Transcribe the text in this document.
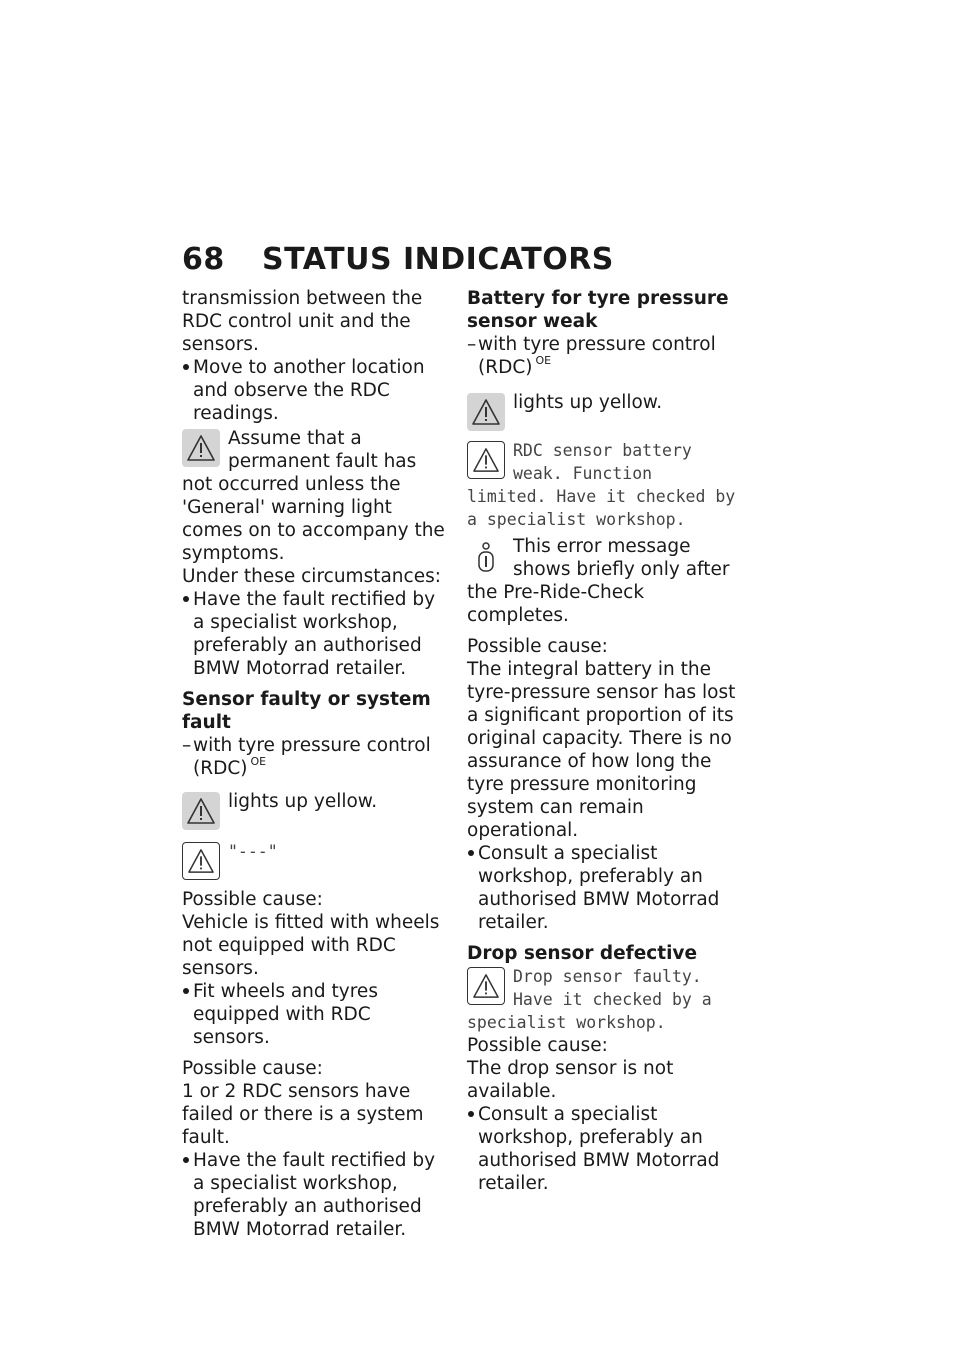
68 STATUS INDICATORS

transmission between the RDC control unit and the sensors.

Move to another location and observe the RDC readings.

Assume that a permanent fault has not occurred unless the 'General' warning light comes on to accompany the symptoms.

Under these circumstances:

Have the fault rectified by a specialist workshop, preferably an authorised BMW Motorrad retailer.

Sensor faulty or system fault

– with tyre pressure control (RDC) $^{OE}$

lights up yellow.
"---"

Possible cause:

Vehicle is fitted with wheels not equipped with RDC sensors.

Fit wheels and tyres equipped with RDC sensors.

Possible cause:

1 or 2 RDC sensors have failed or there is a system fault.

Have the fault rectified by a specialist workshop, preferably an authorised BMW Motorrad retailer.

Battery for tyre pressure sensor weak

– with tyre pressure control (RDC) $^{OE}$

lights up yellow.
RDC sensor battery weak. Function limited. Have it checked by a specialist workshop.
This error message shows briefly only after the Pre-Ride-Check completes.

Possible cause:

The integral battery in the tyre-pressure sensor has lost a significant proportion of its original capacity. There is no assurance of how long the tyre pressure monitoring system can remain operational.

Consult a specialist workshop, preferably an authorised BMW Motorrad retailer.

Drop sensor defective

Drop sensor faulty. Have it checked by a specialist workshop.

Possible cause:

The drop sensor is not available.

Consult a specialist workshop, preferably an authorised BMW Motorrad retailer.
